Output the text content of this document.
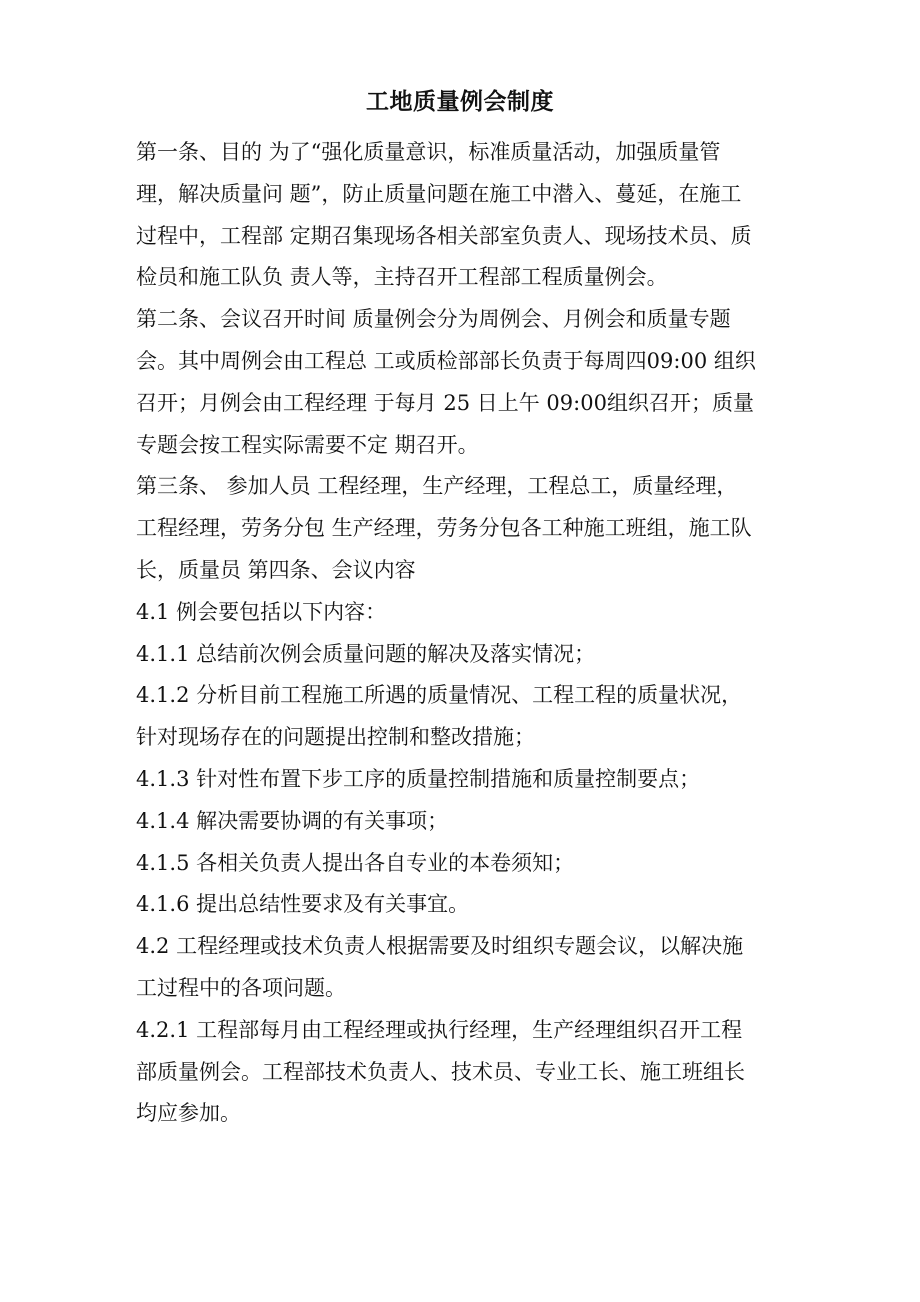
工地质量例会制度
第一条、目的 为了“强化质量意识，标准质量活动，加强质量管
理，解决质量问 题”，防止质量问题在施工中潜入、蔓延，在施工
过程中，工程部 定期召集现场各相关部室负责人、现场技术员、质
检员和施工队负 责人等，主持召开工程部工程质量例会。
第二条、会议召开时间 质量例会分为周例会、月例会和质量专题
会。其中周例会由工程总 工或质检部部长负责于每周四09:00 组织
召开；月例会由工程经理 于每月 25 日上午 09:00组织召开；质量
专题会按工程实际需要不定 期召开。
第三条、 参加人员 工程经理，生产经理，工程总工，质量经理，
工程经理，劳务分包 生产经理，劳务分包各工种施工班组，施工队
长，质量员 第四条、会议内容
4.1 例会要包括以下内容：
4.1.1 总结前次例会质量问题的解决及落实情况；
4.1.2 分析目前工程施工所遇的质量情况、工程工程的质量状况，
针对现场存在的问题提出控制和整改措施；
4.1.3 针对性布置下步工序的质量控制措施和质量控制要点；
4.1.4 解决需要协调的有关事项；
4.1.5 各相关负责人提出各自专业的本卷须知；
4.1.6 提出总结性要求及有关事宜。
4.2 工程经理或技术负责人根据需要及时组织专题会议，以解决施
工过程中的各项问题。
4.2.1 工程部每月由工程经理或执行经理，生产经理组织召开工程
部质量例会。工程部技术负责人、技术员、专业工长、施工班组长
均应参加。
